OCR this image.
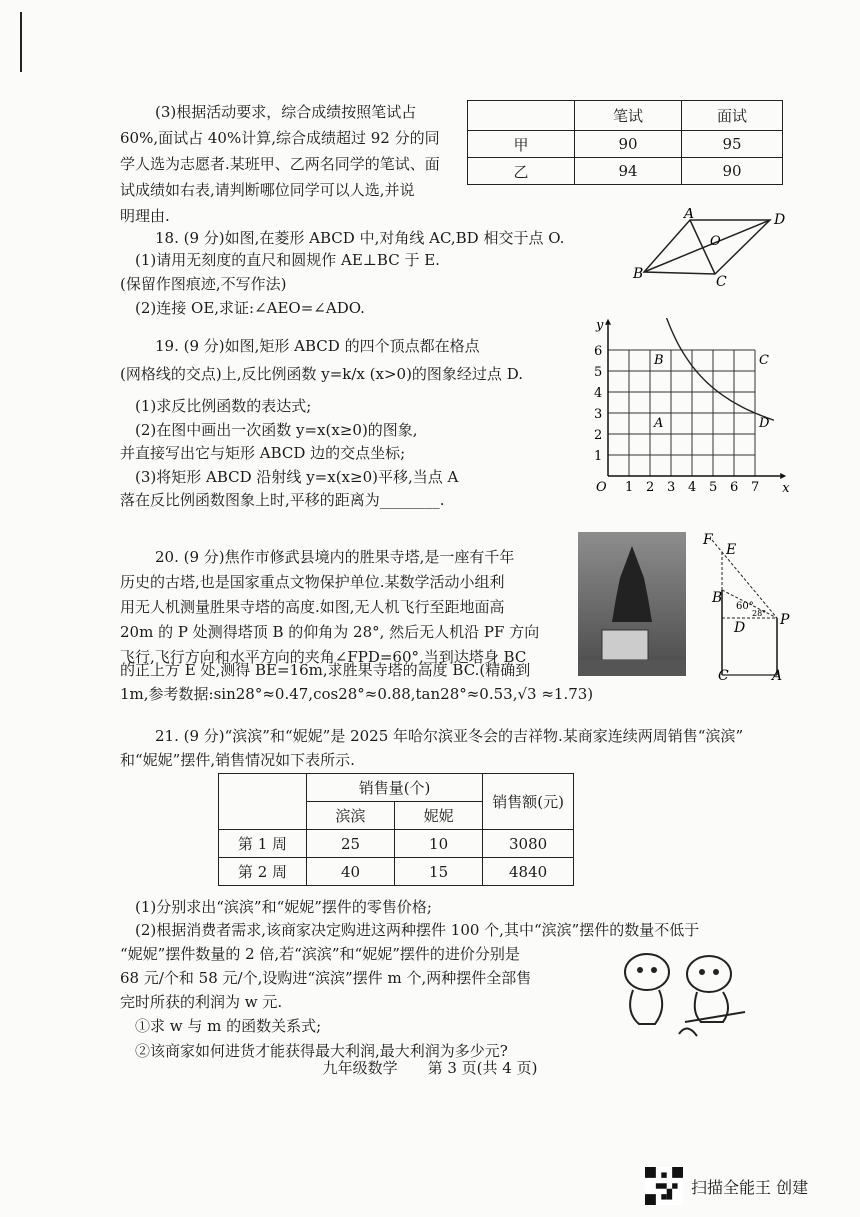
(3)根据活动要求，综合成绩按照笔试占
60%,面试占 40%计算,综合成绩超过 92 分的同
学人选为志愿者.某班甲、乙两名同学的笔试、面
试成绩如右表,请判断哪位同学可以人选,并说
明理由.
	笔试	面试
甲	90	95
乙	94	90
18. (9 分)如图,在菱形 ABCD 中,对角线 AC,BD 相交于点 O.
(1)请用无刻度的直尺和圆规作 AE⊥BC 于 E.
(保留作图痕迹,不写作法)
(2)连接 OE,求证:∠AEO=∠ADO.
A	D
O
B	C
19. (9 分)如图,矩形 ABCD 的四个顶点都在格点
(网格线的交点)上,反比例函数 y=k/x (x>0)的图象经过点 D.
(1)求反比例函数的表达式;
(2)在图中画出一次函数 y=x(x≥0)的图象,
并直接写出它与矩形 ABCD 边的交点坐标;
(3)将矩形 ABCD 沿射线 y=x(x≥0)平移,当点 A
落在反比例函数图象上时,平移的距离为________.
1 2 3 4 5 6 7
1
2
3
4
5
6
O	x
y
A
B	C
D
20. (9 分)焦作市修武县境内的胜果寺塔,是一座有千年
历史的古塔,也是国家重点文物保护单位.某数学活动小组利
用无人机测量胜果寺塔的高度.如图,无人机飞行至距地面高
20m 的 P 处测得塔顶 B 的仰角为 28°, 然后无人机沿 PF 方向
飞行,飞行方向和水平方向的夹角∠FPD=60°,当到达塔身 BC
的正上方 E 处,测得 BE=16m,求胜果寺塔的高度 BC.(精确到
1m,参考数据:sin28°≈0.47,cos28°≈0.88,tan28°≈0.53,√3 ≈1.73)
F
E
B
60°
28°
D P
C	A
21. (9 分)“滨滨”和“妮妮”是 2025 年哈尔滨亚冬会的吉祥物.某商家连续两周销售“滨滨”
和“妮妮”摆件,销售情况如下表所示.
	销售量(个)		销售额(元)
	滨滨	妮妮	
第 1 周	25	10	3080
第 2 周	40	15	4840
(1)分别求出“滨滨”和“妮妮”摆件的零售价格;
(2)根据消费者需求,该商家决定购进这两种摆件 100 个,其中“滨滨”摆件的数量不低于
“妮妮”摆件数量的 2 倍,若“滨滨”和“妮妮”摆件的进价分别是
68 元/个和 58 元/个,设购进“滨滨”摆件 m 个,两种摆件全部售
完时所获的利润为 w 元.
①求 w 与 m 的函数关系式;
②该商家如何进货才能获得最大利润,最大利润为多少元?
九年级数学　　第 3 页(共 4 页)
扫描全能王 创建
